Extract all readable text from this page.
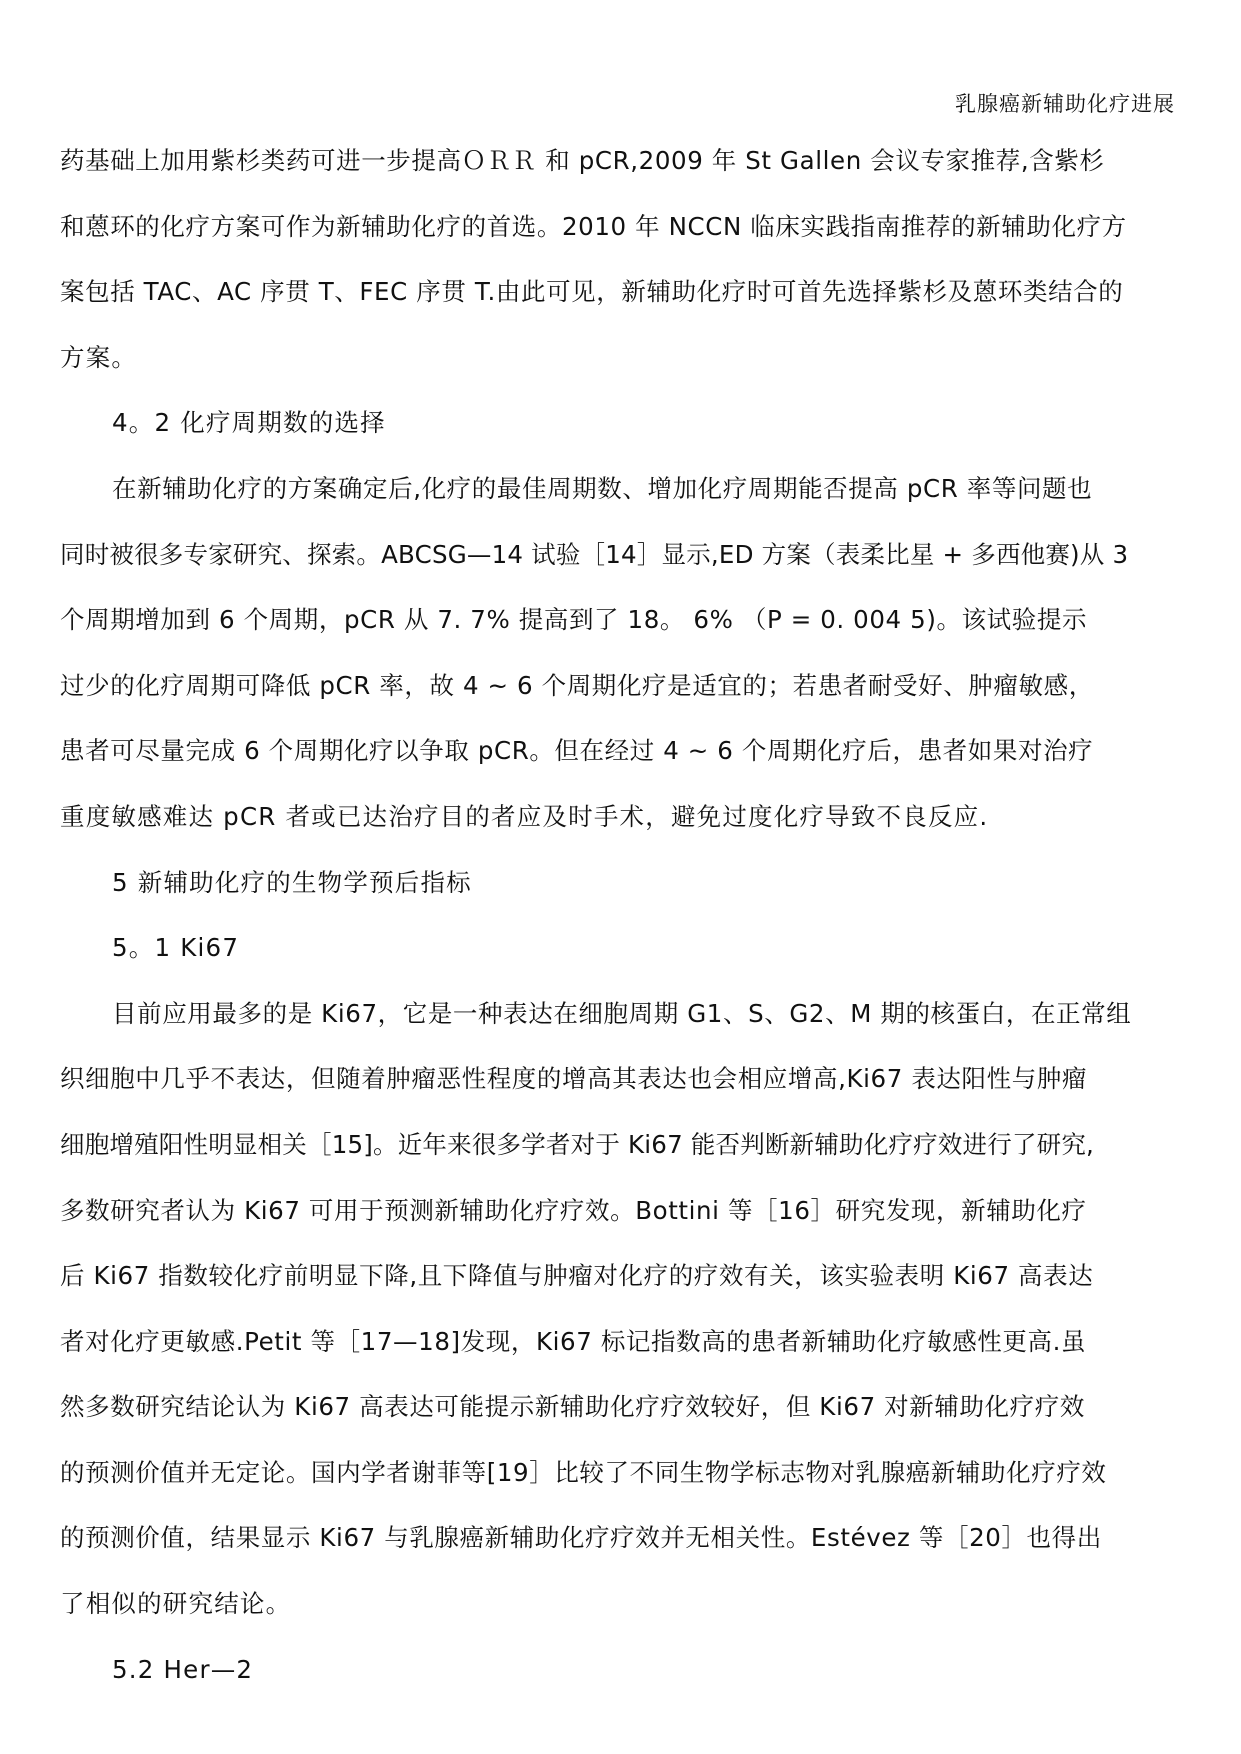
乳腺癌新辅助化疗进展
药基础上加用紫杉类药可进一步提高ＯＲＲ 和 pCR,2009 年 St Gallen 会议专家推荐,含紫杉
和蒽环的化疗方案可作为新辅助化疗的首选。2010 年 NCCN 临床实践指南推荐的新辅助化疗方
案包括 TAC、AC 序贯 T、FEC 序贯 T.由此可见，新辅助化疗时可首先选择紫杉及蒽环类结合的
方案。
4。2 化疗周期数的选择
在新辅助化疗的方案确定后,化疗的最佳周期数、增加化疗周期能否提高 pCR 率等问题也
同时被很多专家研究、探索。ABCSG—14 试验［14］显示,ED 方案（表柔比星 + 多西他赛)从 3
个周期增加到 6 个周期，pCR 从 7. 7% 提高到了 18。 6% （P = 0. 004 5)。该试验提示
过少的化疗周期可降低 pCR 率，故 4 ~ 6 个周期化疗是适宜的；若患者耐受好、肿瘤敏感，
患者可尽量完成 6 个周期化疗以争取 pCR。但在经过 4 ~ 6 个周期化疗后，患者如果对治疗
重度敏感难达 pCR 者或已达治疗目的者应及时手术，避免过度化疗导致不良反应.
5 新辅助化疗的生物学预后指标
5。1 Ki67
目前应用最多的是 Ki67，它是一种表达在细胞周期 G1、S、G2、M 期的核蛋白，在正常组
织细胞中几乎不表达，但随着肿瘤恶性程度的增高其表达也会相应增高,Ki67 表达阳性与肿瘤
细胞增殖阳性明显相关［15]。近年来很多学者对于 Ki67 能否判断新辅助化疗疗效进行了研究,
多数研究者认为 Ki67 可用于预测新辅助化疗疗效。Bottini 等［16］研究发现，新辅助化疗
后 Ki67 指数较化疗前明显下降,且下降值与肿瘤对化疗的疗效有关，该实验表明 Ki67 高表达
者对化疗更敏感.Petit 等［17—18]发现，Ki67 标记指数高的患者新辅助化疗敏感性更高.虽
然多数研究结论认为 Ki67 高表达可能提示新辅助化疗疗效较好，但 Ki67 对新辅助化疗疗效
的预测价值并无定论。国内学者谢菲等[19］比较了不同生物学标志物对乳腺癌新辅助化疗疗效
的预测价值，结果显示 Ki67 与乳腺癌新辅助化疗疗效并无相关性。Estévez 等［20］也得出
了相似的研究结论。
5.2 Her—2
